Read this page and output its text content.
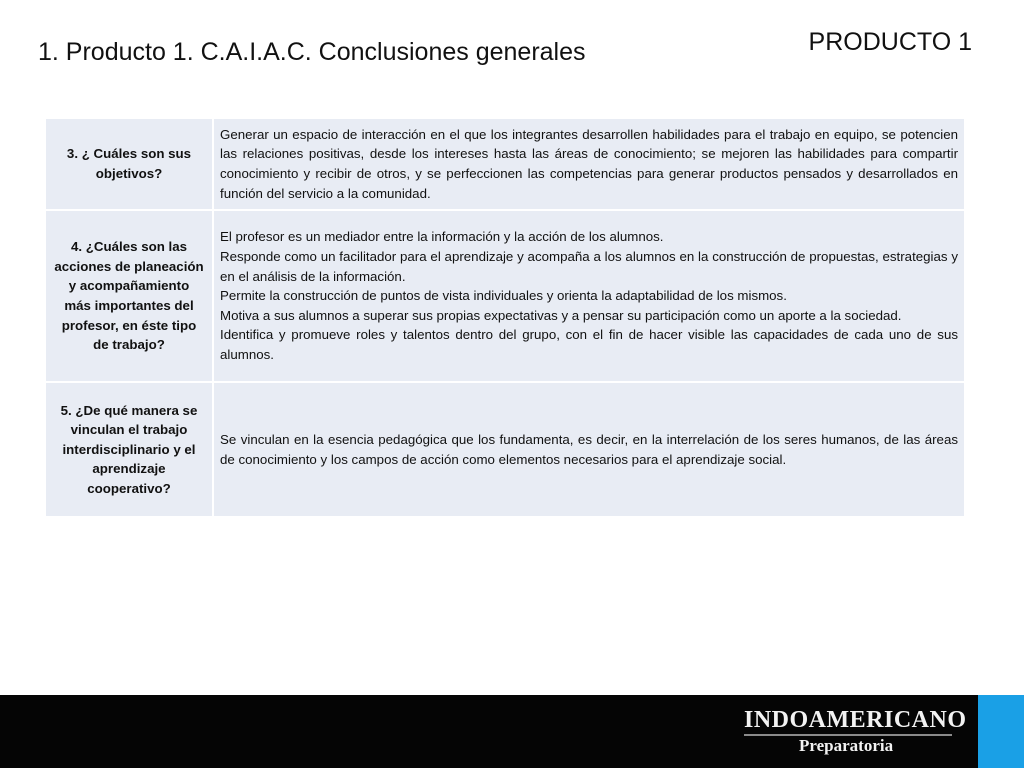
1. Producto 1. C.A.I.A.C. Conclusiones generales	PRODUCTO 1
3. ¿ Cuáles son sus objetivos?	Generar un espacio de interacción en el que los integrantes desarrollen habilidades para el trabajo en equipo, se potencien las relaciones positivas, desde los intereses hasta las áreas de conocimiento; se mejoren las habilidades para compartir conocimiento y recibir de otros, y se perfeccionen las competencias para generar productos pensados y desarrollados en función del servicio a la comunidad.
4. ¿Cuáles son las acciones de planeación y acompañamiento más importantes del profesor, en éste tipo de trabajo?	El profesor es un mediador entre la información y la acción de los alumnos.
Responde como un facilitador para el aprendizaje y acompaña a los alumnos en la construcción de propuestas, estrategias y en el análisis de la información.
Permite la construcción de puntos de vista individuales y orienta la adaptabilidad de los mismos.
Motiva a sus alumnos a superar sus propias expectativas y a pensar su participación como un aporte a la sociedad.
Identifica y promueve roles y talentos dentro del grupo, con el fin de hacer visible las capacidades de cada uno de sus alumnos.

5. ¿De qué manera se vinculan el trabajo interdisciplinario y el aprendizaje cooperativo?	Se vinculan en la esencia pedagógica que los fundamenta, es decir, en la interrelación de los seres humanos, de las áreas de conocimiento y los campos de acción como elementos necesarios para el aprendizaje social.
INDOAMERICANO
Preparatoria
